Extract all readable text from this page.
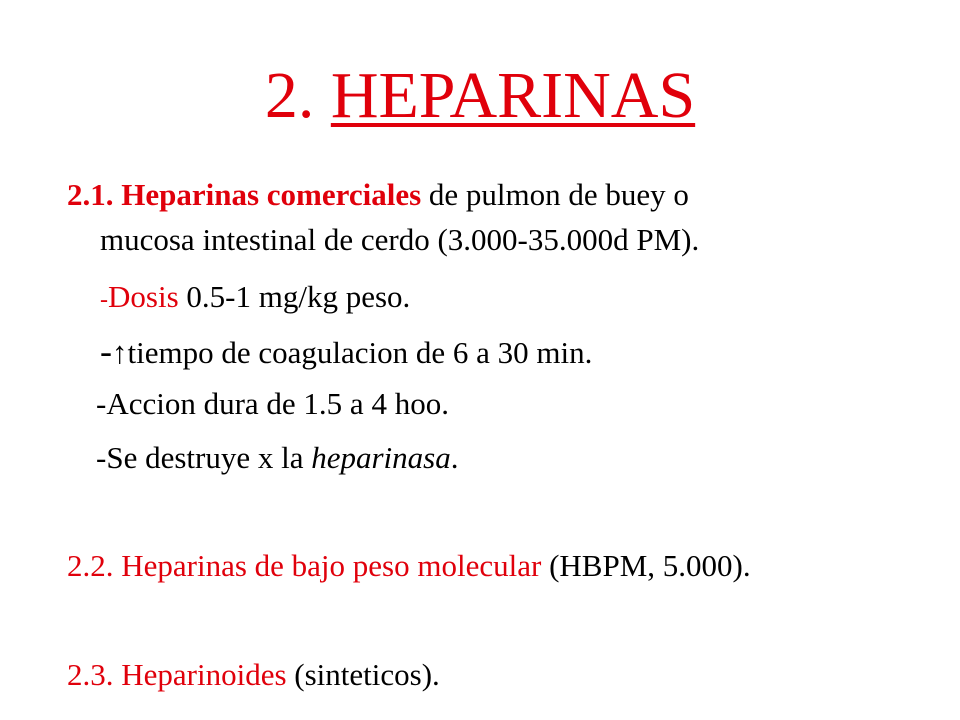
2. HEPARINAS
2.1. Heparinas comerciales de pulmon de buey o
mucosa intestinal de cerdo (3.000-35.000d PM).
-Dosis 0.5-1 mg/kg peso.
-↑tiempo de coagulacion de 6 a 30 min.
-Accion dura de 1.5 a 4 hoo.
-Se destruye x la heparinasa.
2.2. Heparinas de bajo peso molecular (HBPM, 5.000).
2.3. Heparinoides (sinteticos).
